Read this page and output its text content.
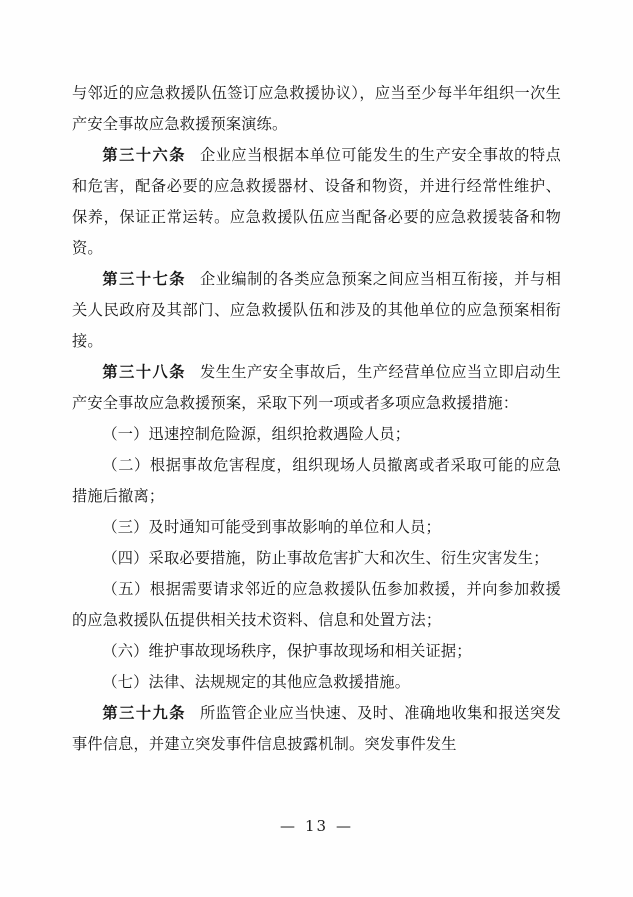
与邻近的应急救援队伍签订应急救援协议），应当至少每半年组织一次生产安全事故应急救援预案演练。

第三十六条 企业应当根据本单位可能发生的生产安全事故的特点和危害，配备必要的应急救援器材、设备和物资，并进行经常性维护、保养，保证正常运转。应急救援队伍应当配备必要的应急救援装备和物资。

第三十七条 企业编制的各类应急预案之间应当相互衔接，并与相关人民政府及其部门、应急救援队伍和涉及的其他单位的应急预案相衔接。

第三十八条 发生生产安全事故后，生产经营单位应当立即启动生产安全事故应急救援预案，采取下列一项或者多项应急救援措施：

（一）迅速控制危险源，组织抢救遇险人员；

（二）根据事故危害程度，组织现场人员撤离或者采取可能的应急措施后撤离；

（三）及时通知可能受到事故影响的单位和人员；

（四）采取必要措施，防止事故危害扩大和次生、衍生灾害发生；

（五）根据需要请求邻近的应急救援队伍参加救援，并向参加救援的应急救援队伍提供相关技术资料、信息和处置方法；

（六）维护事故现场秩序，保护事故现场和相关证据；

（七）法律、法规规定的其他应急救援措施。

第三十九条 所监管企业应当快速、及时、准确地收集和报送突发事件信息，并建立突发事件信息披露机制。突发事件发生

— 13 —
